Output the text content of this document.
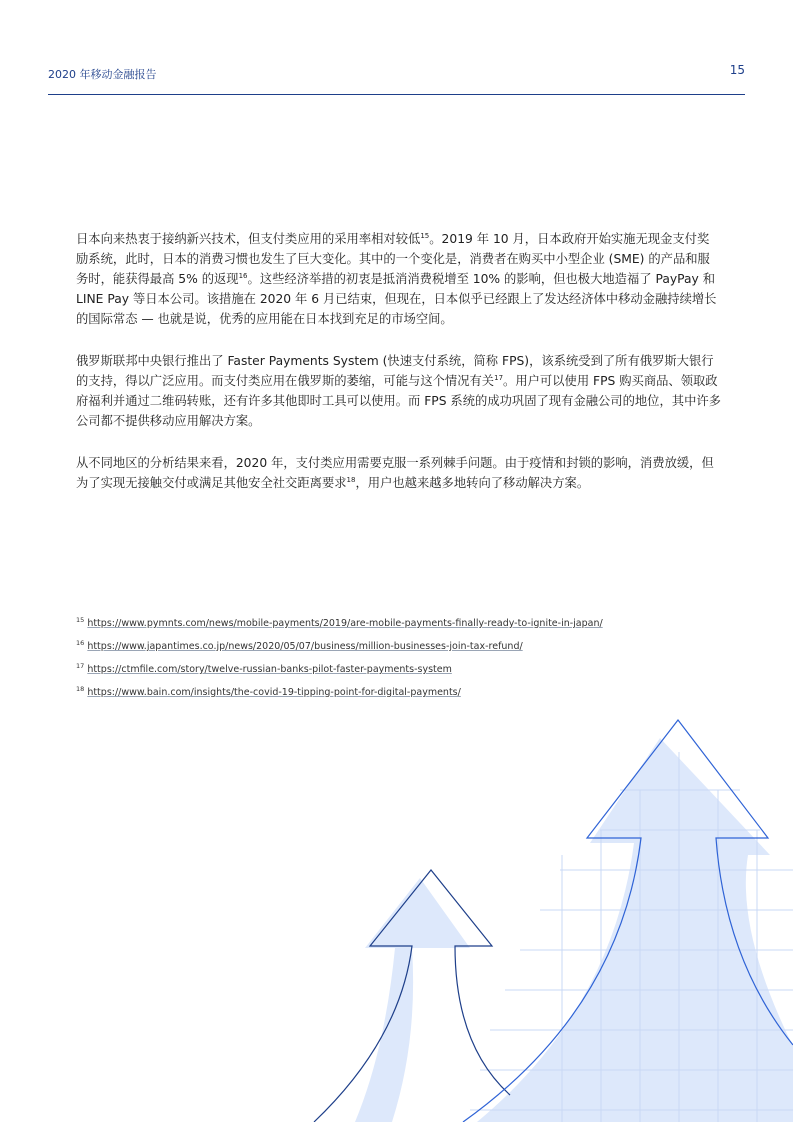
2020 年移动金融报告	15

日本向来热衷于接纳新兴技术，但支付类应用的采用率相对较低$^{15}$。2019 年 10 月，日本政府开始实施无现金支付奖励系统，此时，日本的消费习惯也发生了巨大变化。其中的一个变化是，消费者在购买中小型企业 (SME) 的产品和服务时，能获得最高 5% 的返现$^{16}$。这些经济举措的初衷是抵消消费税增至 10% 的影响，但也极大地造福了 PayPay 和 LINE Pay 等日本公司。该措施在 2020 年 6 月已结束，但现在，日本似乎已经跟上了发达经济体中移动金融持续增长的国际常态 — 也就是说，优秀的应用能在日本找到充足的市场空间。

俄罗斯联邦中央银行推出了 Faster Payments System (快速支付系统，简称 FPS)，该系统受到了所有俄罗斯大银行的支持，得以广泛应用。而支付类应用在俄罗斯的萎缩，可能与这个情况有关$^{17}$。用户可以使用 FPS 购买商品、领取政府福利并通过二维码转账，还有许多其他即时工具可以使用。而 FPS 系统的成功巩固了现有金融公司的地位，其中许多公司都不提供移动应用解决方案。

从不同地区的分析结果来看，2020 年，支付类应用需要克服一系列棘手问题。由于疫情和封锁的影响，消费放缓，但为了实现无接触交付或满足其他安全社交距离要求$^{18}$，用户也越来越多地转向了移动解决方案。

$^{15}$ https://www.pymnts.com/news/mobile-payments/2019/are-mobile-payments-finally-ready-to-ignite-in-japan/
$^{16}$ https://www.japantimes.co.jp/news/2020/05/07/business/million-businesses-join-tax-refund/
$^{17}$ https://ctmfile.com/story/twelve-russian-banks-pilot-faster-payments-system
$^{18}$ https://www.bain.com/insights/the-covid-19-tipping-point-for-digital-payments/
